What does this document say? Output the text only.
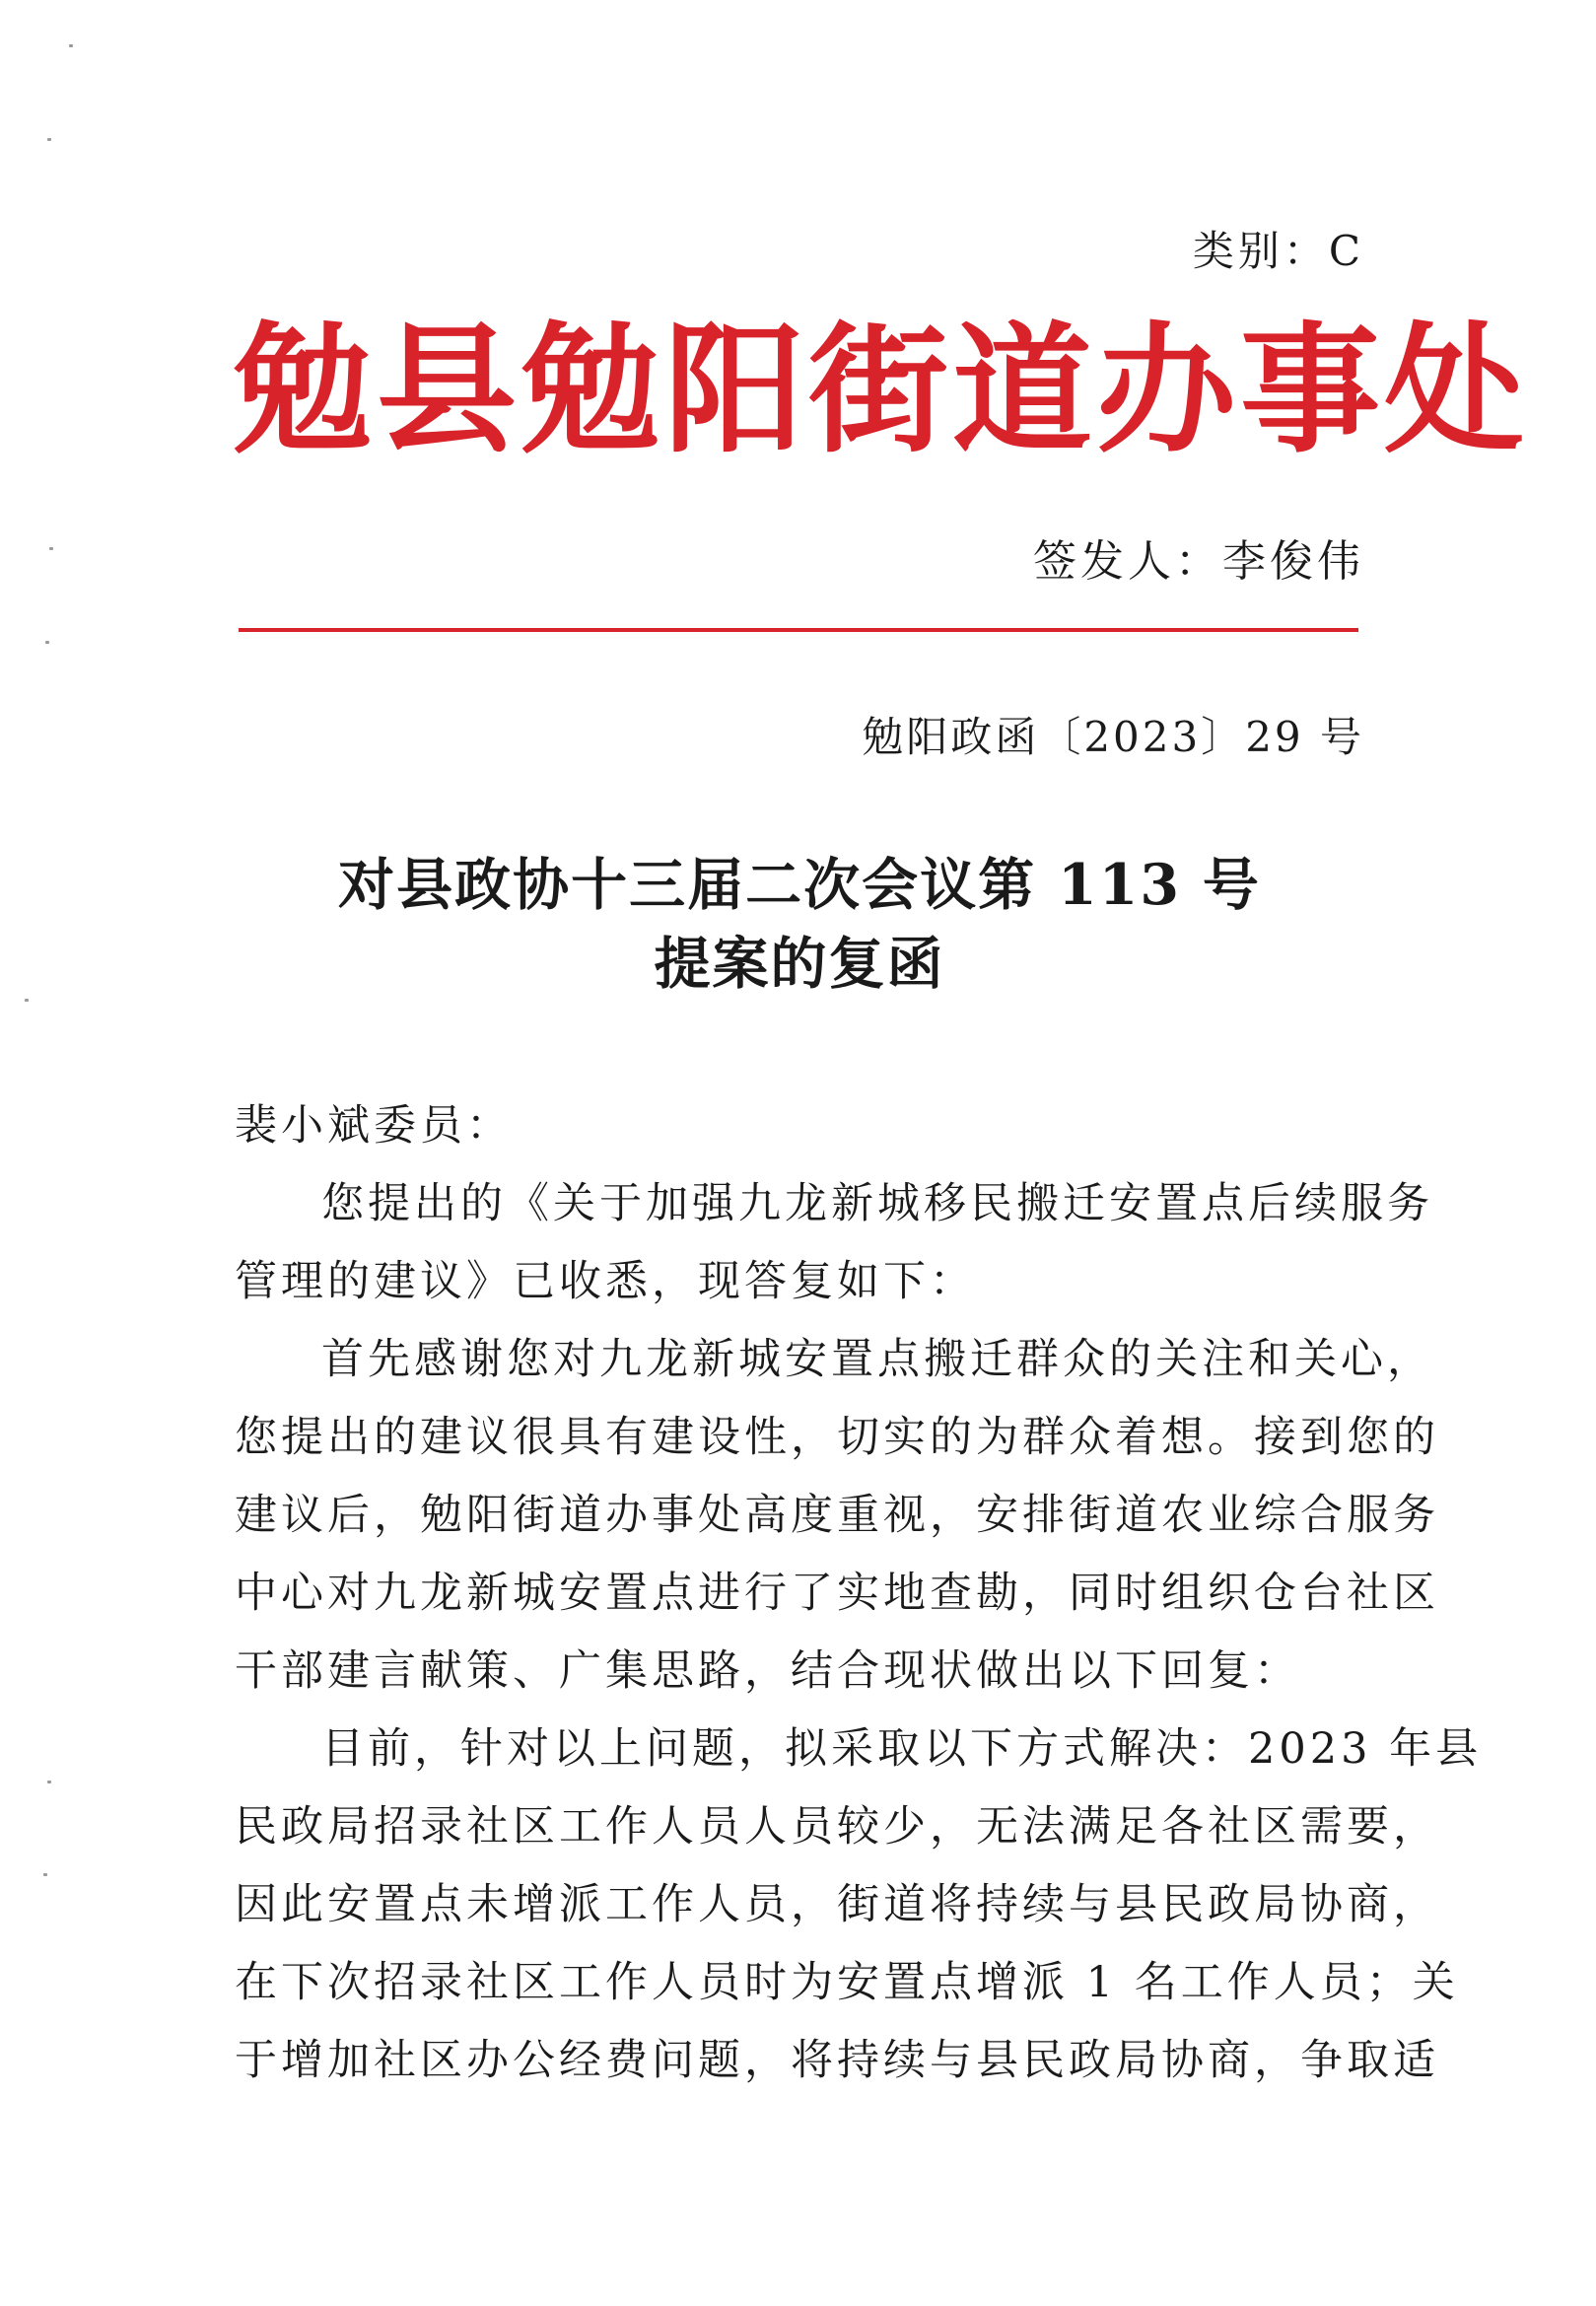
类别：C
勉县勉阳街道办事处
签发人：李俊伟
勉阳政函〔2023〕29 号
对县政协十三届二次会议第 113 号
提案的复函
裴小斌委员：
您提出的《关于加强九龙新城移民搬迁安置点后续服务
管理的建议》已收悉，现答复如下：
首先感谢您对九龙新城安置点搬迁群众的关注和关心，
您提出的建议很具有建设性，切实的为群众着想。接到您的
建议后，勉阳街道办事处高度重视，安排街道农业综合服务
中心对九龙新城安置点进行了实地查勘，同时组织仓台社区
干部建言献策、广集思路，结合现状做出以下回复：
目前，针对以上问题，拟采取以下方式解决：2023 年县
民政局招录社区工作人员人员较少，无法满足各社区需要，
因此安置点未增派工作人员，街道将持续与县民政局协商，
在下次招录社区工作人员时为安置点增派 1 名工作人员；关
于增加社区办公经费问题，将持续与县民政局协商，争取适
